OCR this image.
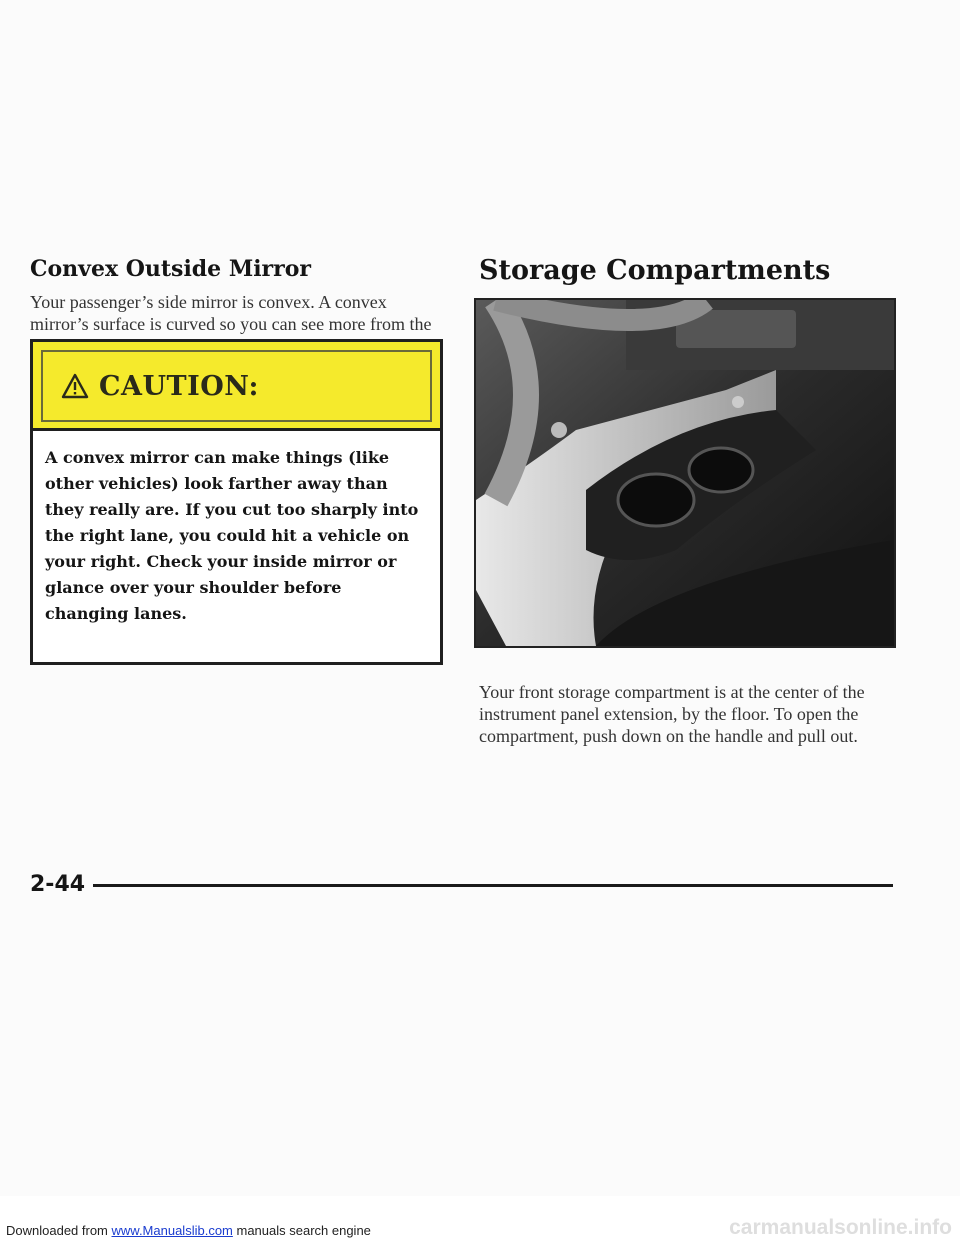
Convex Outside Mirror

Your passenger’s side mirror is convex. A convex mirror’s surface is curved so you can see more from the

CAUTION:

A convex mirror can make things (like other vehicles) look farther away than they really are. If you cut too sharply into the right lane, you could hit a vehicle on your right. Check your inside mirror or glance over your shoulder before changing lanes.

Storage Compartments

Your front storage compartment is at the center of the instrument panel extension, by the floor. To open the compartment, push down on the handle and pull out.

2-44

Downloaded from www.Manualslib.com manuals search engine	carmanualsonline.info
